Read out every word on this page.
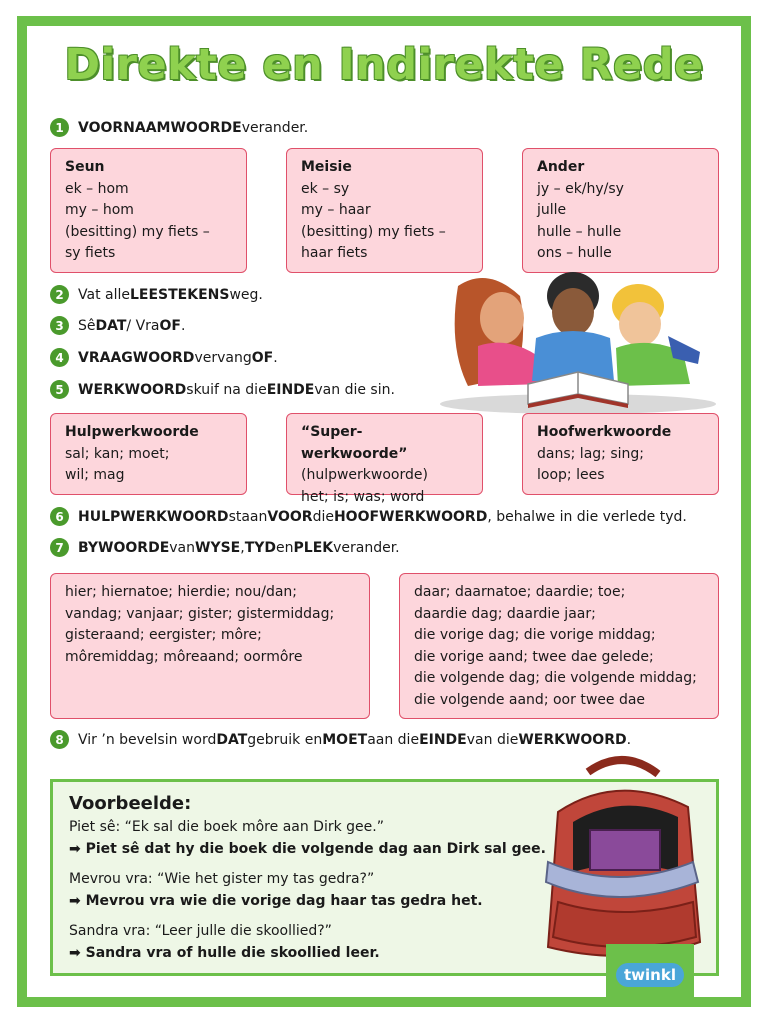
Direkte en Indirekte Rede
1	VOORNAAMWOORDE verander.
Seun
ek – hom
my – hom
(besitting) my fiets –
sy fiets
Meisie
ek – sy
my – haar
(besitting) my fiets –
haar fiets
Ander
jy – ek/hy/sy
julle
hulle – hulle
ons – hulle
2	Vat alle LEESTEKENS weg.
3	Sê DAT / Vra OF .
4	VRAAGWOORD vervang OF .
5	WERKWOORD skuif na die EINDE van die sin.
Hulpwerkwoorde
sal; kan; moet;
wil; mag
“Super-werkwoorde”
(hulpwerkwoorde)
het; is; was; word
Hoofwerkwoorde
dans; lag; sing;
loop; lees
6	HULPWERKWOORD staan VOOR die HOOFWERKWOORD , behalwe in die verlede tyd.
7	BYWOORDE van WYSE , TYD en PLEK verander.
hier; hiernatoe; hierdie; nou/dan;
vandag; vanjaar; gister; gistermiddag;
gisteraand; eergister; môre;
môremiddag; môreaand; oormôre
daar; daarnatoe; daardie; toe;
daardie dag; daardie jaar;
die vorige dag; die vorige middag;
die vorige aand; twee dae gelede;
die volgende dag; die volgende middag;
die volgende aand; oor twee dae
8	Vir ’n bevelsin word DAT gebruik en MOET aan die EINDE van die WERKWOORD .
Voorbeelde:
Piet sê: “Ek sal die boek môre aan Dirk gee.”
➡ Piet sê dat hy die boek die volgende dag aan Dirk sal gee.
Mevrou vra: “Wie het gister my tas gedra?”
➡ Mevrou vra wie die vorige dag haar tas gedra het.
Sandra vra: “Leer julle die skoollied?”
➡ Sandra vra of hulle die skoollied leer.
twinkl
